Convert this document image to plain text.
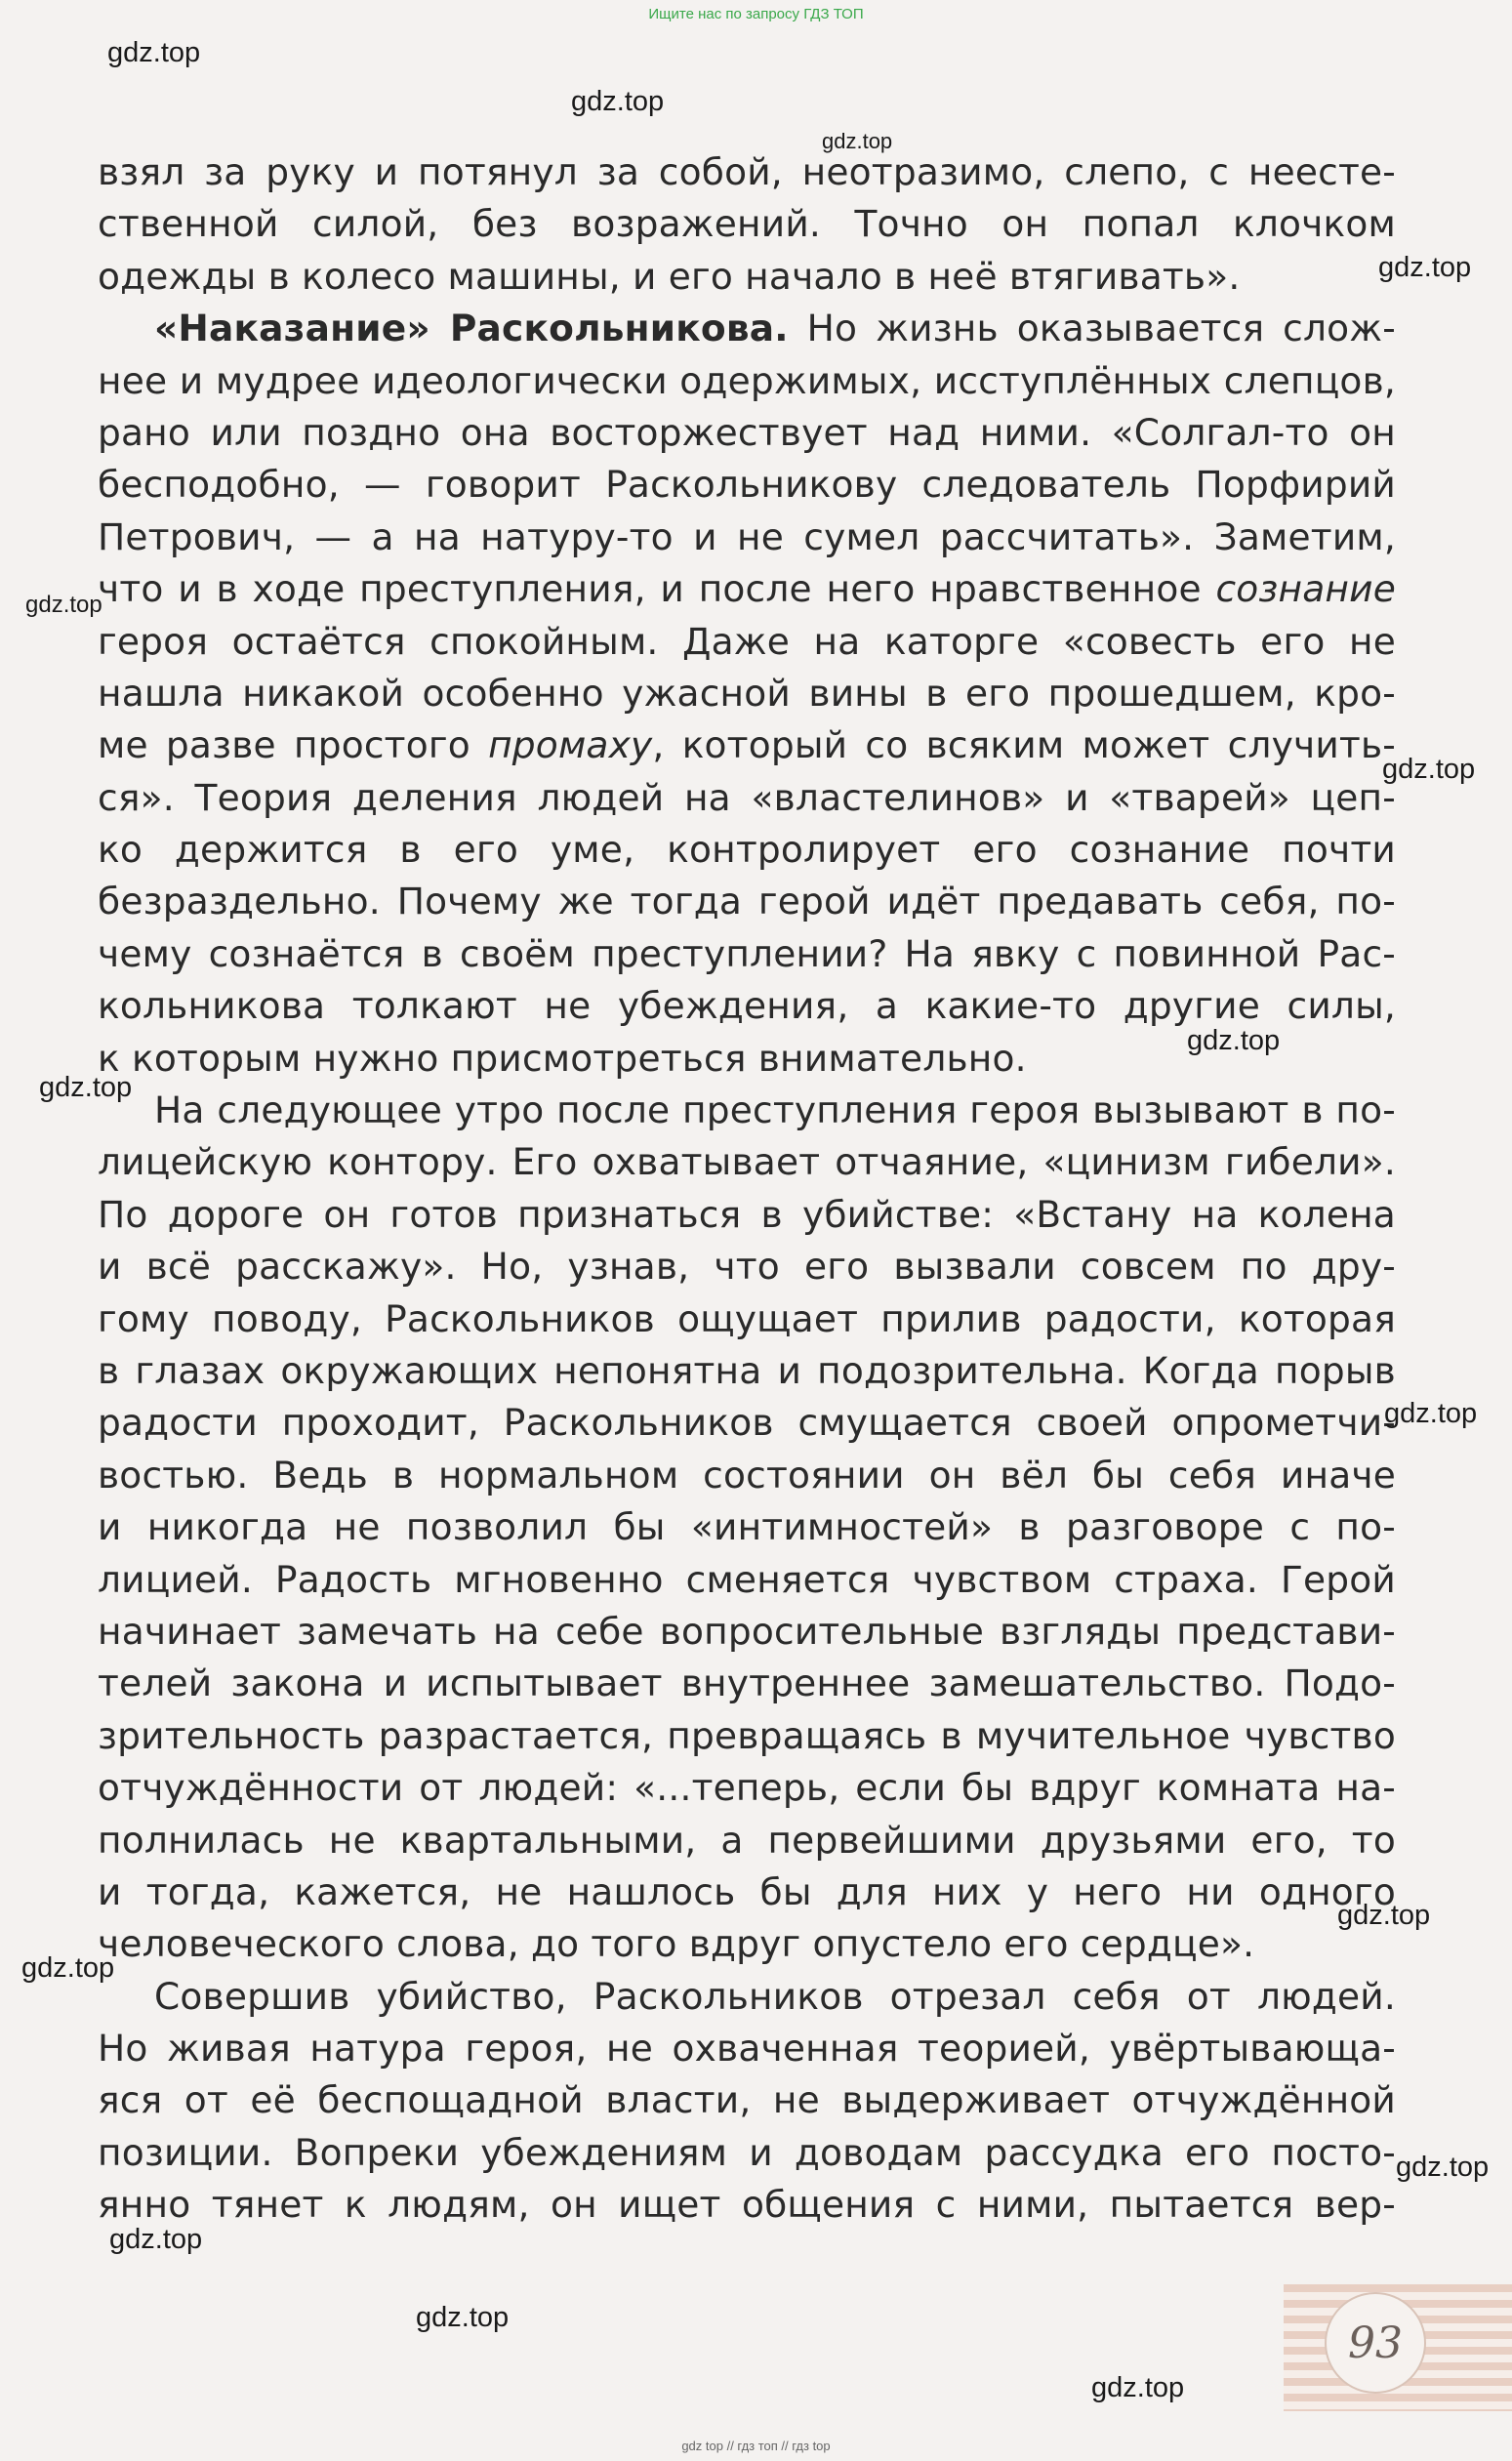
Ищите нас по запросу ГДЗ ТОП
взял за руку и потянул за собой, неотразимо, слепо, с неесте-
ственной силой, без возражений. Точно он попал клочком
одежды в колесо машины, и его начало в неё втягивать».
«Наказание» Раскольникова. Но жизнь оказывается слож-
нее и мудрее идеологически одержимых, исступлённых слепцов,
рано или поздно она восторжествует над ними. «Солгал-то он
бесподобно, — говорит Раскольникову следователь Порфирий
Петрович, — а на натуру-то и не сумел рассчитать». Заметим,
что и в ходе преступления, и после него нравственное сознание
героя остаётся спокойным. Даже на каторге «совесть его не
нашла никакой особенно ужасной вины в его прошедшем, кро-
ме разве простого промаху, который со всяким может случить-
ся». Теория деления людей на «властелинов» и «тварей» цеп-
ко держится в его уме, контролирует его сознание почти
безраздельно. Почему же тогда герой идёт предавать себя, по-
чему сознаётся в своём преступлении? На явку с повинной Рас-
кольникова толкают не убеждения, а какие-то другие силы,
к которым нужно присмотреться внимательно.
На следующее утро после преступления героя вызывают в по-
лицейскую контору. Его охватывает отчаяние, «цинизм гибели».
По дороге он готов признаться в убийстве: «Встану на колена
и всё расскажу». Но, узнав, что его вызвали совсем по дру-
гому поводу, Раскольников ощущает прилив радости, которая
в глазах окружающих непонятна и подозрительна. Когда порыв
радости проходит, Раскольников смущается своей опрометчи-
востью. Ведь в нормальном состоянии он вёл бы себя иначе
и никогда не позволил бы «интимностей» в разговоре с по-
лицией. Радость мгновенно сменяется чувством страха. Герой
начинает замечать на себе вопросительные взгляды представи-
телей закона и испытывает внутреннее замешательство. Подо-
зрительность разрастается, превращаясь в мучительное чувство
отчуждённости от людей: «...теперь, если бы вдруг комната на-
полнилась не квартальными, а первейшими друзьями его, то
и тогда, кажется, не нашлось бы для них у него ни одного
человеческого слова, до того вдруг опустело его сердце».
Совершив убийство, Раскольников отрезал себя от людей.
Но живая натура героя, не охваченная теорией, увёртывающа-
яся от её беспощадной власти, не выдерживает отчуждённой
позиции. Вопреки убеждениям и доводам рассудка его посто-
янно тянет к людям, он ищет общения с ними, пытается вер-
gdz.top
gdz.top
gdz.top
gdz.top
gdz.top
gdz.top
gdz.top
gdz.top
gdz.top
gdz.top
gdz.top
gdz.top
gdz.top
gdz.top
gdz.top
93
gdz top // гдз топ // гдз top
